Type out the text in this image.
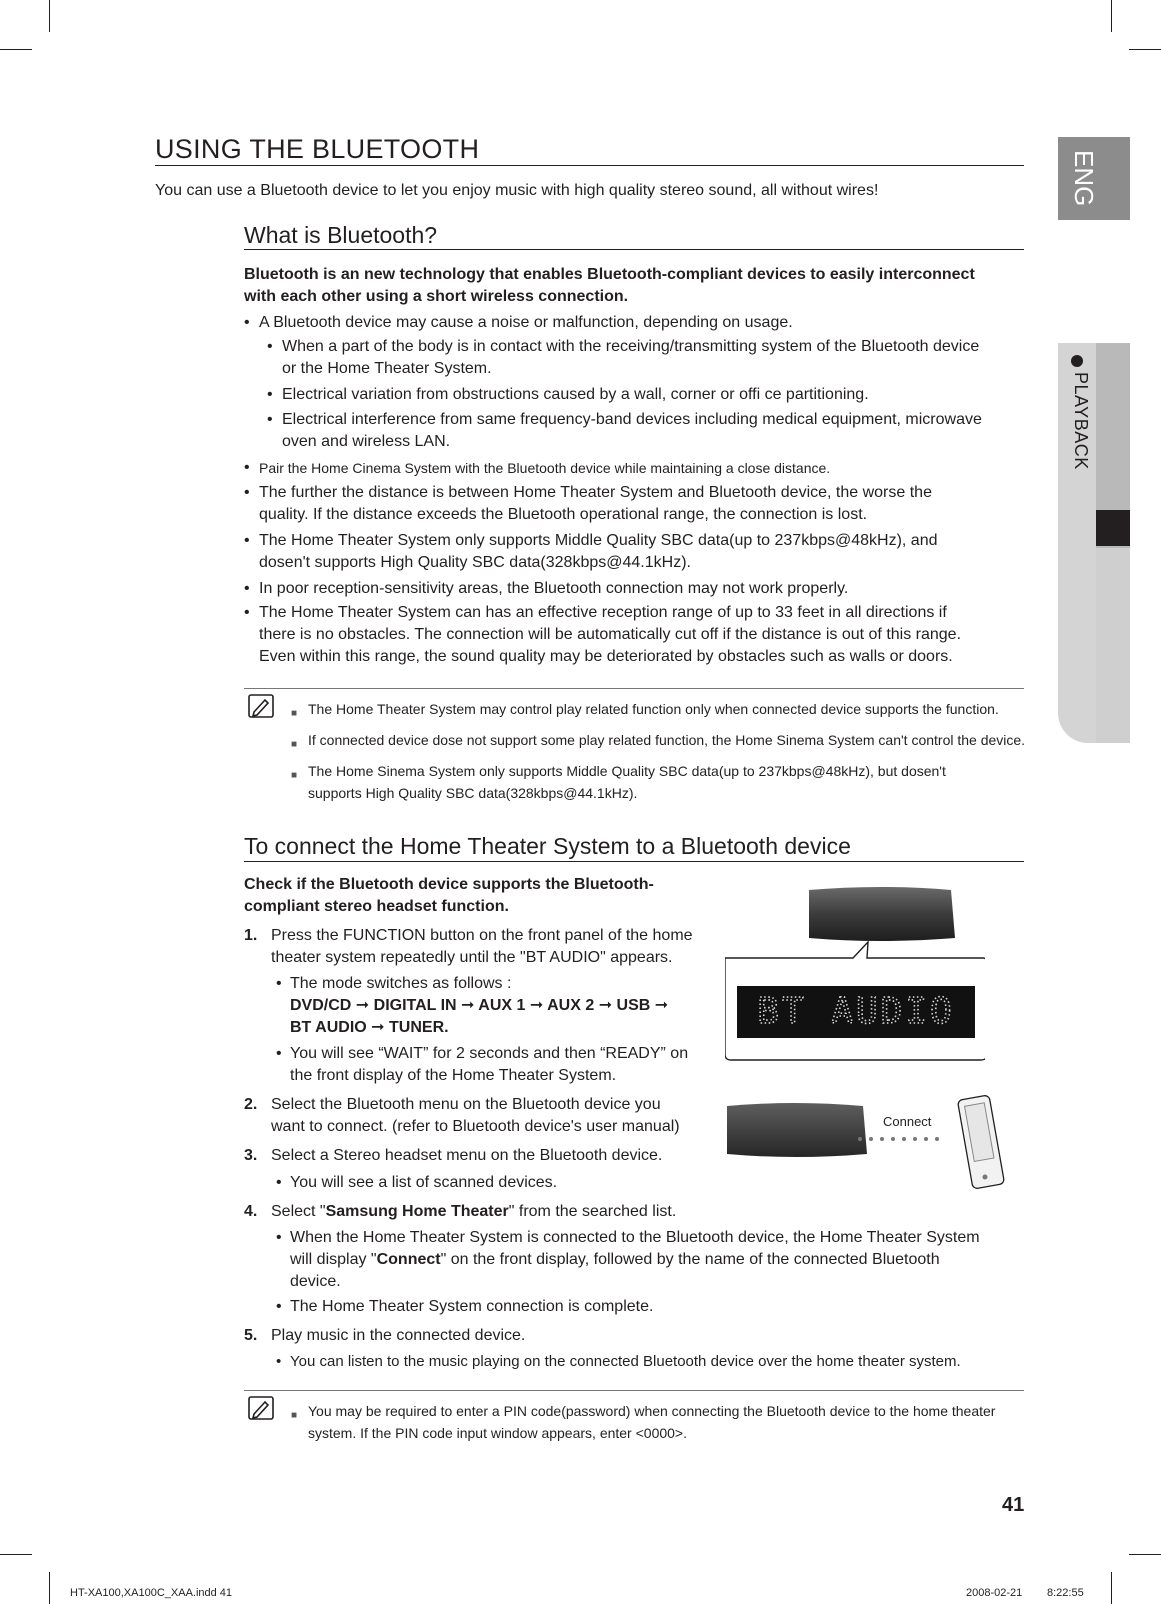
ENG
PLAYBACK
USING THE BLUETOOTH
You can use a Bluetooth device to let you enjoy music with high quality stereo sound, all without wires!
What is Bluetooth?
Bluetooth is an new technology that enables Bluetooth-compliant devices to easily interconnect
with each other using a short wireless connection.
• A Bluetooth device may cause a noise or malfunction, depending on usage.
• When a part of the body is in contact with the receiving/transmitting system of the Bluetooth device
or the Home Theater System.
• Electrical variation from obstructions caused by a wall, corner or offi ce partitioning.
• Electrical interference from same frequency-band devices including medical equipment, microwave
oven and wireless LAN.
• Pair the Home Cinema System with the Bluetooth device while maintaining a close distance.
• The further the distance is between Home Theater System and Bluetooth device, the worse the
quality. If the distance exceeds the Bluetooth operational range, the connection is lost.
• The Home Theater System only supports Middle Quality SBC data(up to 237kbps@48kHz), and
dosen't supports High Quality SBC data(328kbps@44.1kHz).
• In poor reception-sensitivity areas, the Bluetooth connection may not work properly.
• The Home Theater System can has an effective reception range of up to 33 feet in all directions if
there is no obstacles. The connection will be automatically cut off if the distance is out of this range.
Even within this range, the sound quality may be deteriorated by obstacles such as walls or doors.
■ The Home Theater System may control play related function only when connected device supports the function.
■ If connected device dose not support some play related function, the Home Sinema System can't control the device.
■ The Home Sinema System only supports Middle Quality SBC data(up to 237kbps@48kHz), but dosen't
supports High Quality SBC data(328kbps@44.1kHz).
To connect the Home Theater System to a Bluetooth device
Check if the Bluetooth device supports the Bluetooth-
compliant stereo headset function.
1. Press the FUNCTION button on the front panel of the home
theater system repeatedly until the "BT AUDIO" appears.
• The mode switches as follows :
DVD/CD ➞ DIGITAL IN ➞ AUX 1 ➞ AUX 2 ➞ USB ➞
BT AUDIO ➞ TUNER.
• You will see “WAIT” for 2 seconds and then “READY” on
the front display of the Home Theater System.
2. Select the Bluetooth menu on the Bluetooth device you
want to connect. (refer to Bluetooth device's user manual)
3. Select a Stereo headset menu on the Bluetooth device.
• You will see a list of scanned devices.
4. Select "Samsung Home Theater" from the searched list.
• When the Home Theater System is connected to the Bluetooth device, the Home Theater System
will display "Connect" on the front display, followed by the name of the connected Bluetooth
device.
• The Home Theater System connection is complete.
5. Play music in the connected device.
• You can listen to the music playing on the connected Bluetooth device over the home theater system.
■ You may be required to enter a PIN code(password) when connecting the Bluetooth device to the home theater
system. If the PIN code input window appears, enter <0000>.
BT AUDIO
Connect
41
HT-XA100,XA100C_XAA.indd 41	2008-02-21 8:22:55
